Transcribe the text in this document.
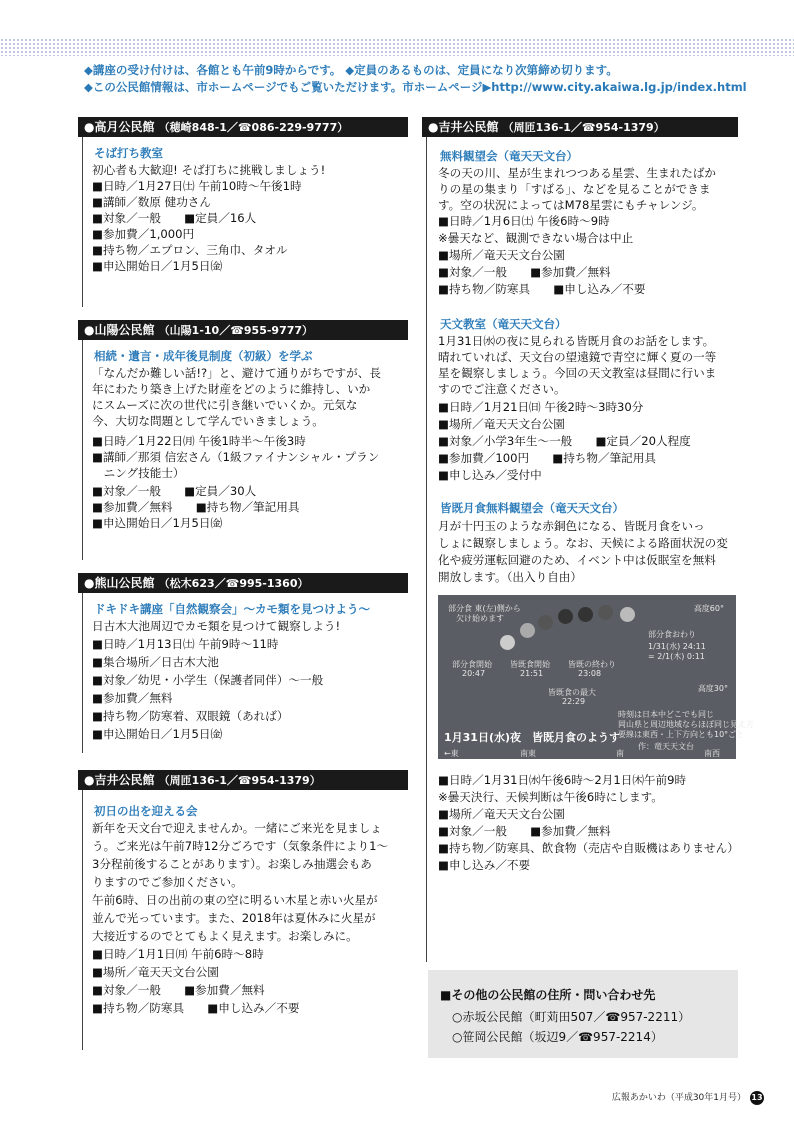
◆講座の受け付けは、各館とも午前9時からです。 ◆定員のあるものは、定員になり次第締め切ります。
◆この公民館情報は、市ホームページでもご覧いただけます。市ホームページ▶http://www.city.akaiwa.lg.jp/index.html
●高月公民館 （穂崎848-1／☎086-229-9777）
そば打ち教室
初心者も大歓迎! そば打ちに挑戦しましょう!
■日時／1月27日㈯ 午前10時～午後1時
■講師／数原 健功さん
■対象／一般　　■定員／16人
■参加費／1,000円
■持ち物／エプロン、三角巾、タオル
■申込開始日／1月5日㈮
●山陽公民館 （山陽1-10／☎955-9777）
相続・遺言・成年後見制度（初級）を学ぶ
「なんだか難しい話!?」と、避けて通りがちですが、長
年にわたり築き上げた財産をどのように維持し、いか
にスムーズに次の世代に引き継いでいくか。元気な
今、大切な問題として学んでいきましょう。
■日時／1月22日㈪ 午後1時半～午後3時
■講師／那須 信宏さん（1級ファイナンシャル・プラン
　ニング技能士）
■対象／一般　　■定員／30人
■参加費／無料　　■持ち物／筆記用具
■申込開始日／1月5日㈮
●熊山公民館 （松木623／☎995-1360）
ドキドキ講座「自然観察会」～カモ類を見つけよう～
日古木大池周辺でカモ類を見つけて観察しよう!
■日時／1月13日㈯ 午前9時～11時
■集合場所／日古木大池
■対象／幼児・小学生（保護者同伴）～一般
■参加費／無料
■持ち物／防寒着、双眼鏡（あれば）
■申込開始日／1月5日㈮
●吉井公民館 （周匝136-1／☎954-1379）
初日の出を迎える会
新年を天文台で迎えませんか。一緒にご来光を見ましょ
う。ご来光は午前7時12分ごろです（気象条件により1～
3分程前後することがあります）。お楽しみ抽選会もあ
りますのでご参加ください。
午前6時、日の出前の東の空に明るい木星と赤い火星が
並んで光っています。また、2018年は夏休みに火星が
大接近するのでとてもよく見えます。お楽しみに。
■日時／1月1日㈪ 午前6時～8時
■場所／竜天天文台公園
■対象／一般　　■参加費／無料
■持ち物／防寒具　　■申し込み／不要
●吉井公民館 （周匝136-1／☎954-1379）
無料観望会（竜天天文台）
冬の天の川、星が生まれつつある星雲、生まれたばか
りの星の集まり「すばる」、などを見ることができま
す。空の状況によってはM78星雲にもチャレンジ。
■日時／1月6日㈯ 午後6時～9時
※曇天など、観測できない場合は中止
■場所／竜天天文台公園
■対象／一般　　■参加費／無料
■持ち物／防寒具　　■申し込み／不要
天文教室（竜天天文台）
1月31日㈬の夜に見られる皆既月食のお話をします。
晴れていれば、天文台の望遠鏡で青空に輝く夏の一等
星を観察しましょう。今回の天文教室は昼間に行いま
すのでご注意ください。
■日時／1月21日㈰ 午後2時～3時30分
■場所／竜天天文台公園
■対象／小学3年生～一般　　■定員／20人程度
■参加費／100円　　■持ち物／筆記用具
■申し込み／受付中
皆既月食無料観望会（竜天天文台）
月が十円玉のような赤銅色になる、皆既月食をいっ
しょに観察しましょう。なお、天候による路面状況の変
化や疲労運転回避のため、イベント中は仮眠室を無料
開放します。（出入り自由）
■日時／1月31日㈬午後6時～2月1日㈭午前9時
※曇天決行、天候判断は午後6時にします。
■場所／竜天天文台公園
■対象／一般　　■参加費／無料
■持ち物／防寒具、飲食物（売店や自販機はありません）
■申し込み／不要
部分食 東(左)側から
欠け始めます
高度60°
部分食開始
20:47
皆既食開始
21:51
皆既の終わり
23:08
皆既食の最大
22:29
部分食おわり
1/31(水) 24:11
= 2/1(木) 0:11
高度30°
時刻は日本中どこでも同じ
岡山県と周辺地域ならほぼ同じ見え方
要線は東西・上下方向とも10°ごと
作：竜天天文台
1月31日(水)夜　皆既月食のようす
←東	南東	南	南西
■その他の公民館の住所・問い合わせ先
○赤坂公民館（町苅田507／☎957-2211）
○笹岡公民館（坂辺9／☎957-2214）
広報あかいわ（平成30年1月号） 13
